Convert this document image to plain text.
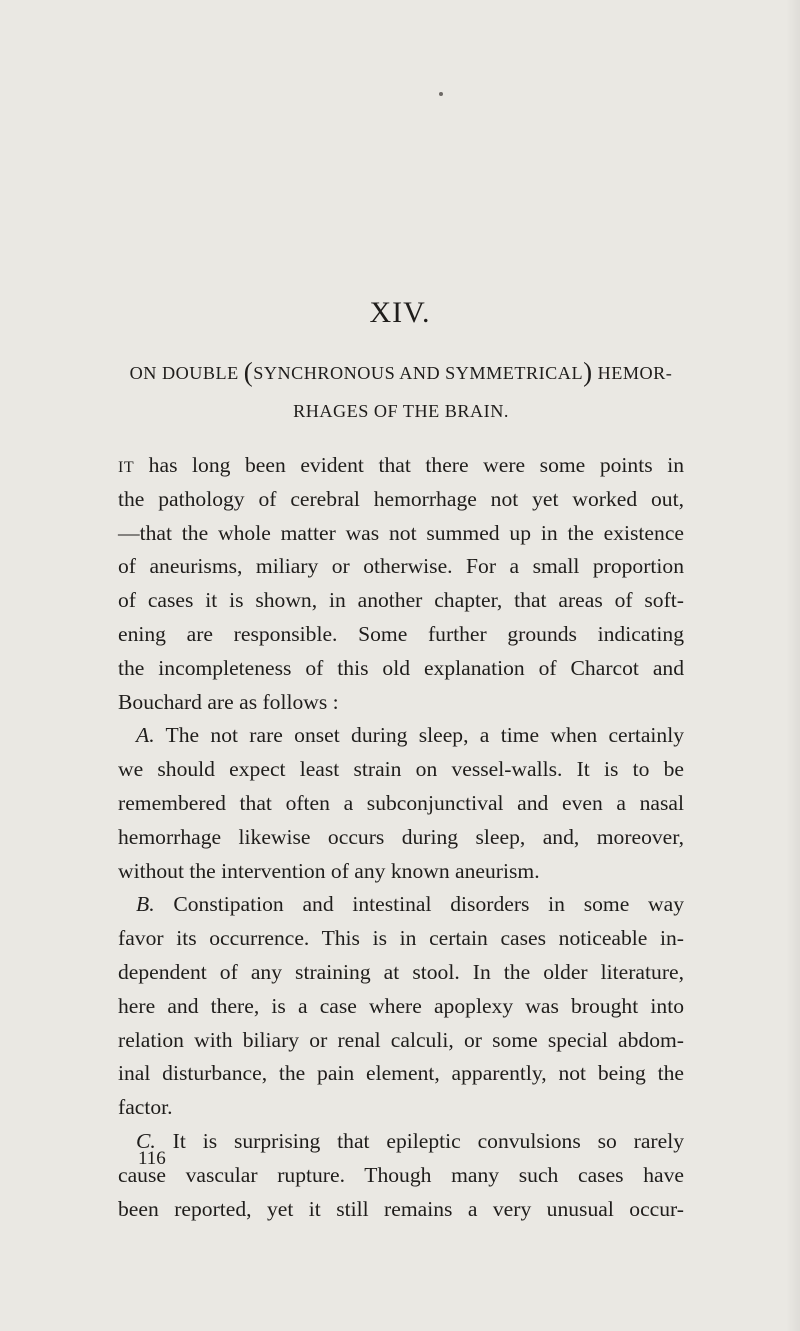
XIV.
ON DOUBLE (SYNCHRONOUS AND SYMMETRICAL) HEMOR-
RHAGES OF THE BRAIN.
IT has long been evident that there were some points in
the pathology of cerebral hemorrhage not yet worked out,
—that the whole matter was not summed up in the existence
of aneurisms, miliary or otherwise. For a small proportion
of cases it is shown, in another chapter, that areas of soft-
ening are responsible. Some further grounds indicating
the incompleteness of this old explanation of Charcot and
Bouchard are as follows :
A. The not rare onset during sleep, a time when certainly
we should expect least strain on vessel-walls. It is to be
remembered that often a subconjunctival and even a nasal
hemorrhage likewise occurs during sleep, and, moreover,
without the intervention of any known aneurism.
B. Constipation and intestinal disorders in some way
favor its occurrence. This is in certain cases noticeable in-
dependent of any straining at stool. In the older literature,
here and there, is a case where apoplexy was brought into
relation with biliary or renal calculi, or some special abdom-
inal disturbance, the pain element, apparently, not being the
factor.
C. It is surprising that epileptic convulsions so rarely
cause vascular rupture. Though many such cases have
been reported, yet it still remains a very unusual occur-
116
